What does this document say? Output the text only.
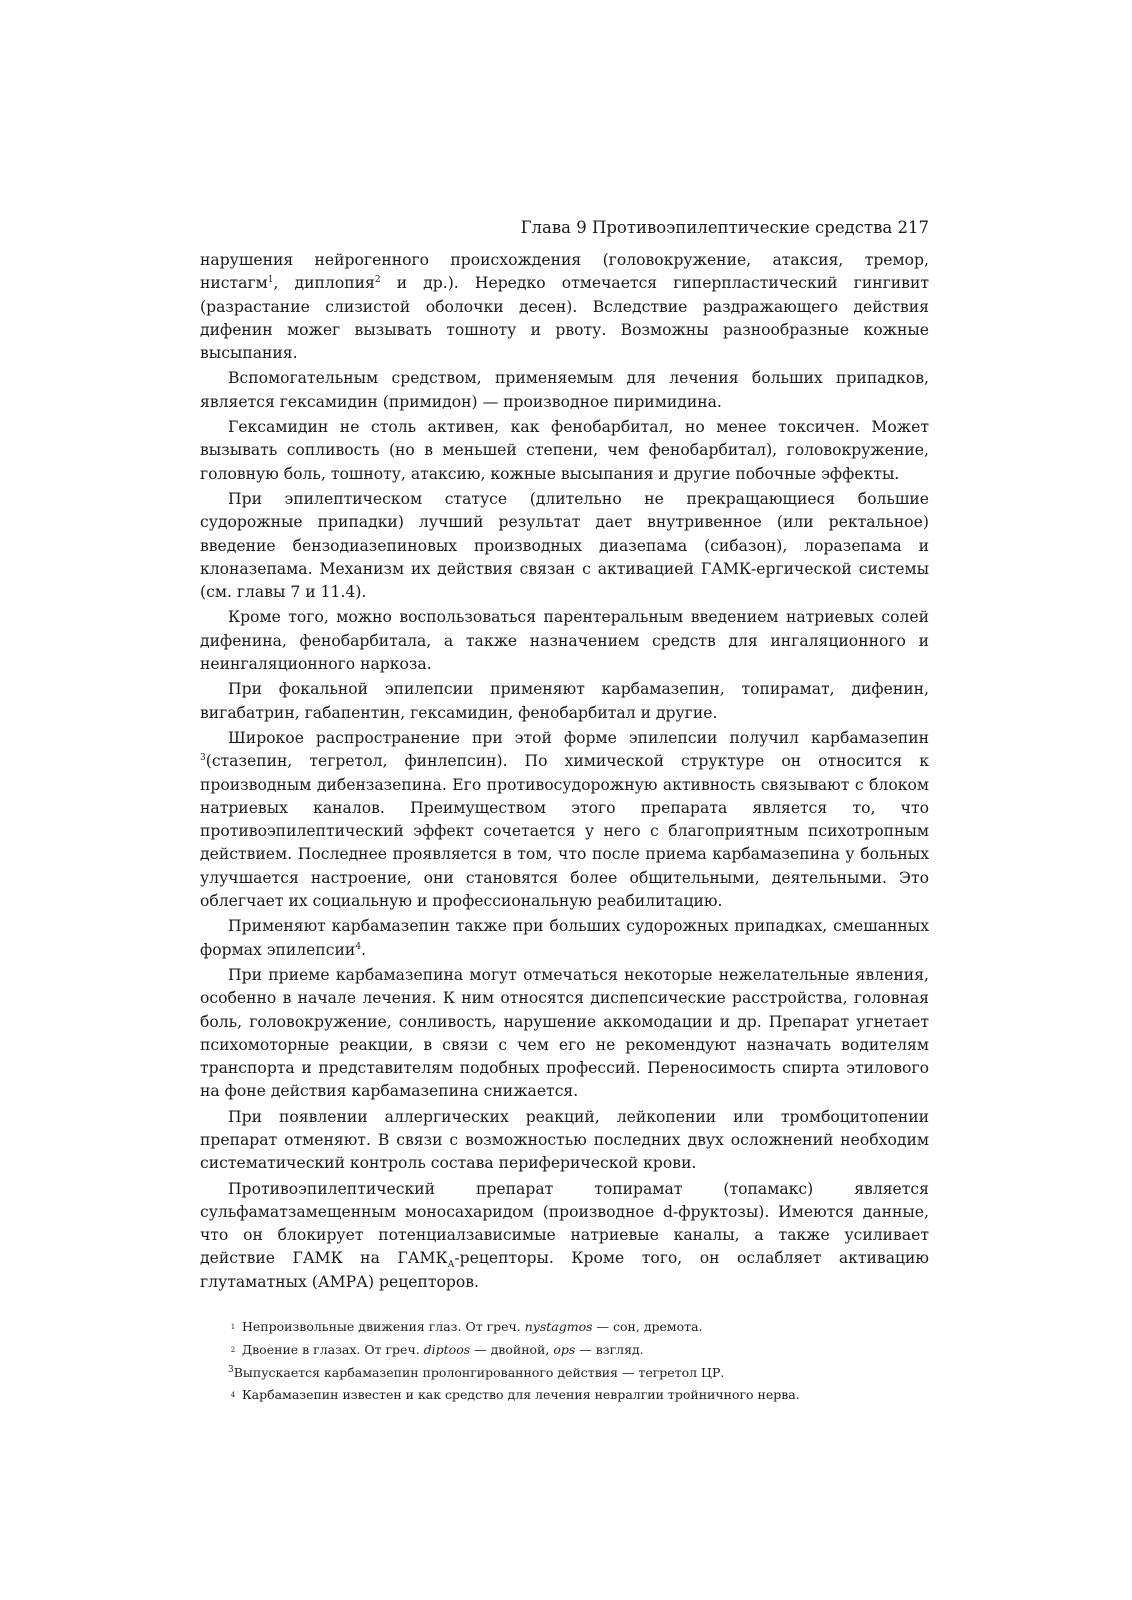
Глава 9 Противоэпилептические средства 217

нарушения нейрогенного происхождения (головокружение, атаксия, тремор, нистагм$^1$, диплопия$^2$ и др.). Нередко отмечается гиперпластический гингивит (разрастание слизистой оболочки десен). Вследствие раздражающего действия дифенин можег вызывать тошноту и рвоту. Возможны разнообразные кожные высыпания.

Вспомогательным средством, применяемым для лечения больших припадков, является гексамидин (примидон) — производное пиримидина.

Гексамидин не столь активен, как фенобарбитал, но менее токсичен. Может вызывать сопливость (но в меньшей степени, чем фенобарбитал), головокружение, головную боль, тошноту, атаксию, кожные высыпания и другие побочные эффекты.

При эпилептическом статусе (длительно не прекращающиеся большие судорожные припадки) лучший результат дает внутривенное (или ректальное) введение бензодиазепиновых производных диазепама (сибазон), лоразепама и клоназепама. Механизм их действия связан с активацией ГАМК-ергической системы (см. главы 7 и 11.4).

Кроме того, можно воспользоваться парентеральным введением натриевых солей дифенина, фенобарбитала, а также назначением средств для ингаляционного и неингаляционного наркоза.

При фокальной эпилепсии применяют карбамазепин, топирамат, дифенин, вигабатрин, габапентин, гексамидин, фенобарбитал и другие.

Широкое распространение при этой форме эпилепсии получил карбамазепин $^3$(стазепин, тегретол, финлепсин). По химической структуре он относится к производным дибензазепина. Его противосудорожную активность связывают с блоком натриевых каналов. Преимуществом этого препарата является то, что противоэпилептический эффект сочетается у него с благоприятным психотропным действием. Последнее проявляется в том, что после приема карбамазепина у больных улучшается настроение, они становятся более общительными, деятельными. Это облегчает их социальную и профессиональную реабилитацию.

Применяют карбамазепин также при больших судорожных припадках, смешанных формах эпилепсии$^4$.

При приеме карбамазепина могут отмечаться некоторые нежелательные явления, особенно в начале лечения. К ним относятся диспепсические расстройства, головная боль, головокружение, сонливость, нарушение аккомодации и др. Препарат угнетает психомоторные реакции, в связи с чем его не рекомендуют назначать водителям транспорта и представителям подобных профессий. Переносимость спирта этилового на фоне действия карбамазепина снижается.

При появлении аллергических реакций, лейкопении или тромбоцитопении препарат отменяют. В связи с возможностью последних двух осложнений необходим систематический контроль состава периферической крови.

Противоэпилептический препарат топирамат (топамакс) является сульфаматзамещенным моносахаридом (производное d-фруктозы). Имеются данные, что он блокирует потенциалзависимые натриевые каналы, а также усиливает действие ГАМК на $ГАМК_А$-рецепторы. Кроме того, он ослабляет активацию глутаматных (АМРА) рецепторов.

1 Непроизвольные движения глаз. От греч. nystagmos — сон, дремота.
2 Двоение в глазах. От греч. diptoos — двойной, ops — взгляд.
$^3$Выпускается карбамазепин пролонгированного действия — тегретол ЦР.
4 Карбамазепин известен и как средство для лечения невралгии тройничного нерва.
